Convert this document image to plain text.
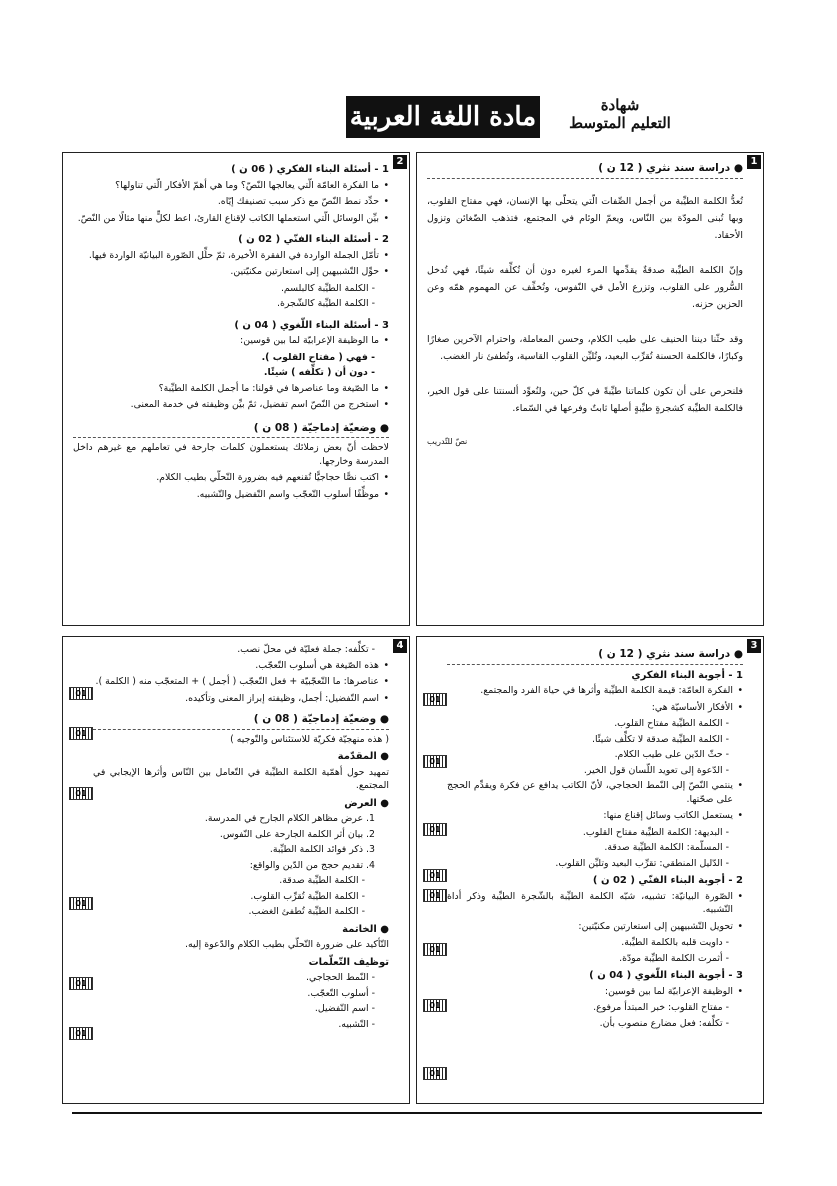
مادة اللغة العربية	شهادة
التعليم المتوسط
1
● دراسة سند نثري ( 12 ن )

تُعدُّ الكلمة الطيِّبة من أجمل الصِّفات الّتي يتحلّى بها الإنسان، فهي مفتاح القلوب، وبها تُبنى المودّة بين النّاس، ويعمّ الوئام في المجتمع، فتذهب الضّغائن وتزول الأحقاد.

وإنّ الكلمة الطيِّبة صدقةٌ يقدِّمها المرء لغيره دون أن تُكلِّفه شيئًا، فهي تُدخل السُّرور على القلوب، وتزرع الأمل في النّفوس، وتُخفِّف عن المهموم همّه وعن الحزين حزنه.

وقد حثّنا ديننا الحنيف على طيب الكلام، وحسن المعاملة، واحترام الآخرين صغارًا وكبارًا، فالكلمة الحسنة تُقرِّب البعيد، وتُليِّن القلوب القاسية، وتُطفئ نار الغضب.

فلنحرص على أن تكون كلماتنا طيِّبةً في كلّ حين، ولنُعوِّد ألسنتنا على قول الخير، فالكلمة الطيِّبة كشجرةٍ طيِّبةٍ أصلها ثابتٌ وفرعها في السّماء.

نصّ للتّدريب
2
1 - أسئلة البناء الفكري ( 06 ن )
• ما الفكرة العامّة الّتي يعالجها النّصّ؟ وما هي أهمّ الأفكار الّتي تناولها؟
• حدِّد نمط النّصّ مع ذكر سبب تصنيفك إيّاه.
• بيِّن الوسائل الّتي استعملها الكاتب لإقناع القارئ، اعط لكلٍّ منها مثالًا من النّصّ.
2 - أسئلة البناء الفنّي ( 02 ن )
• تأمّل الجملة الواردة في الفقرة الأخيرة، ثمّ حلِّل الصّورة البيانيّة الواردة فيها.
• حوِّل التّشبيهين إلى استعارتين مكنيّتين.
- الكلمة الطيِّبة كالبلسم.
- الكلمة الطيِّبة كالشّجرة.
3 - أسئلة البناء اللّغوي ( 04 ن )
• ما الوظيفة الإعرابيّة لما بين قوسين:
- فهي ( مفتاح القلوب ).
- دون أن ( تكلِّفه ) شيئًا.
• ما الصّيغة وما عناصرها في قولنا: ما أجمل الكلمة الطيِّبة؟
• استخرج من النّصّ اسم تفضيل، ثمّ بيِّن وظيفته في خدمة المعنى.
● وضعيّة إدماجيّة ( 08 ن )

لاحظت أنّ بعض زملائك يستعملون كلمات جارحة في تعاملهم مع غيرهم داخل المدرسة وخارجها.

• اكتب نصًّا حجاجيًّا تُقنعهم فيه بضرورة التّحلّي بطيب الكلام.
• موظِّفًا أسلوب التّعجّب واسم التّفضيل والتّشبيه.
3
● دراسة سند نثري ( 12 ن )
1 - أجوبة البناء الفكري
• الفكرة العامّة: قيمة الكلمة الطيِّبة وأثرها في حياة الفرد والمجتمع.
• الأفكار الأساسيّة هي:
- الكلمة الطيِّبة مفتاح القلوب.
- الكلمة الطيِّبة صدقة لا تكلِّف شيئًا.
- حثّ الدّين على طيب الكلام.
- الدّعوة إلى تعويد اللّسان قول الخير.
• ينتمي النّصّ إلى النّمط الحجاجي، لأنّ الكاتب يدافع عن فكرة ويقدِّم الحجج على صحّتها.
• يستعمل الكاتب وسائل إقناع منها:
- البديهة: الكلمة الطيِّبة مفتاح القلوب.
- المسلّمة: الكلمة الطيِّبة صدقة.
- الدّليل المنطقي: تقرِّب البعيد وتليِّن القلوب.
2 - أجوبة البناء الفنّي ( 02 ن )
• الصّورة البيانيّة: تشبيه، شبّه الكلمة الطيِّبة بالشّجرة الطيِّبة وذكر أداة التّشبيه.
• تحويل التّشبيهين إلى استعارتين مكنيّتين:
- داويت قلبه بالكلمة الطيِّبة.
- أثمرت الكلمة الطيِّبة مودّة.
3 - أجوبة البناء اللّغوي ( 04 ن )
• الوظيفة الإعرابيّة لما بين قوسين:
- مفتاح القلوب: خبر المبتدأ مرفوع.
- تكلِّفه: فعل مضارع منصوب بأن.
01
01
01
01
01
01
01
01
4
- تكلِّفه: جملة فعليّة في محلّ نصب.
• هذه الصّيغة هي أسلوب التّعجّب.
• عناصرها: ما التّعجّبيّة + فعل التّعجّب ( أجمل ) + المتعجّب منه ( الكلمة ).
• اسم التّفضيل: أجمل، وظيفته إبراز المعنى وتأكيده.
● وضعيّة إدماجيّة ( 08 ن )
( هذه منهجيّة فكريّة للاستئناس والتّوجيه )
● المقدّمة

تمهيد حول أهمّية الكلمة الطيِّبة في التّعامل بين النّاس وأثرها الإيجابي في المجتمع.

● العرض
1. عرض مظاهر الكلام الجارح في المدرسة.
2. بيان أثر الكلمة الجارحة على النّفوس.
3. ذكر فوائد الكلمة الطيِّبة.
4. تقديم حجج من الدّين والواقع:
- الكلمة الطيِّبة صدقة.
- الكلمة الطيِّبة تُقرِّب القلوب.
- الكلمة الطيِّبة تُطفئ الغضب.
● الخاتمة

التّأكيد على ضرورة التّحلّي بطيب الكلام والدّعوة إليه.

توظيف التّعلّمات
- النّمط الحجاجي.
- أسلوب التّعجّب.
- اسم التّفضيل.
- التّشبيه.
01
01
01
01
01
01
